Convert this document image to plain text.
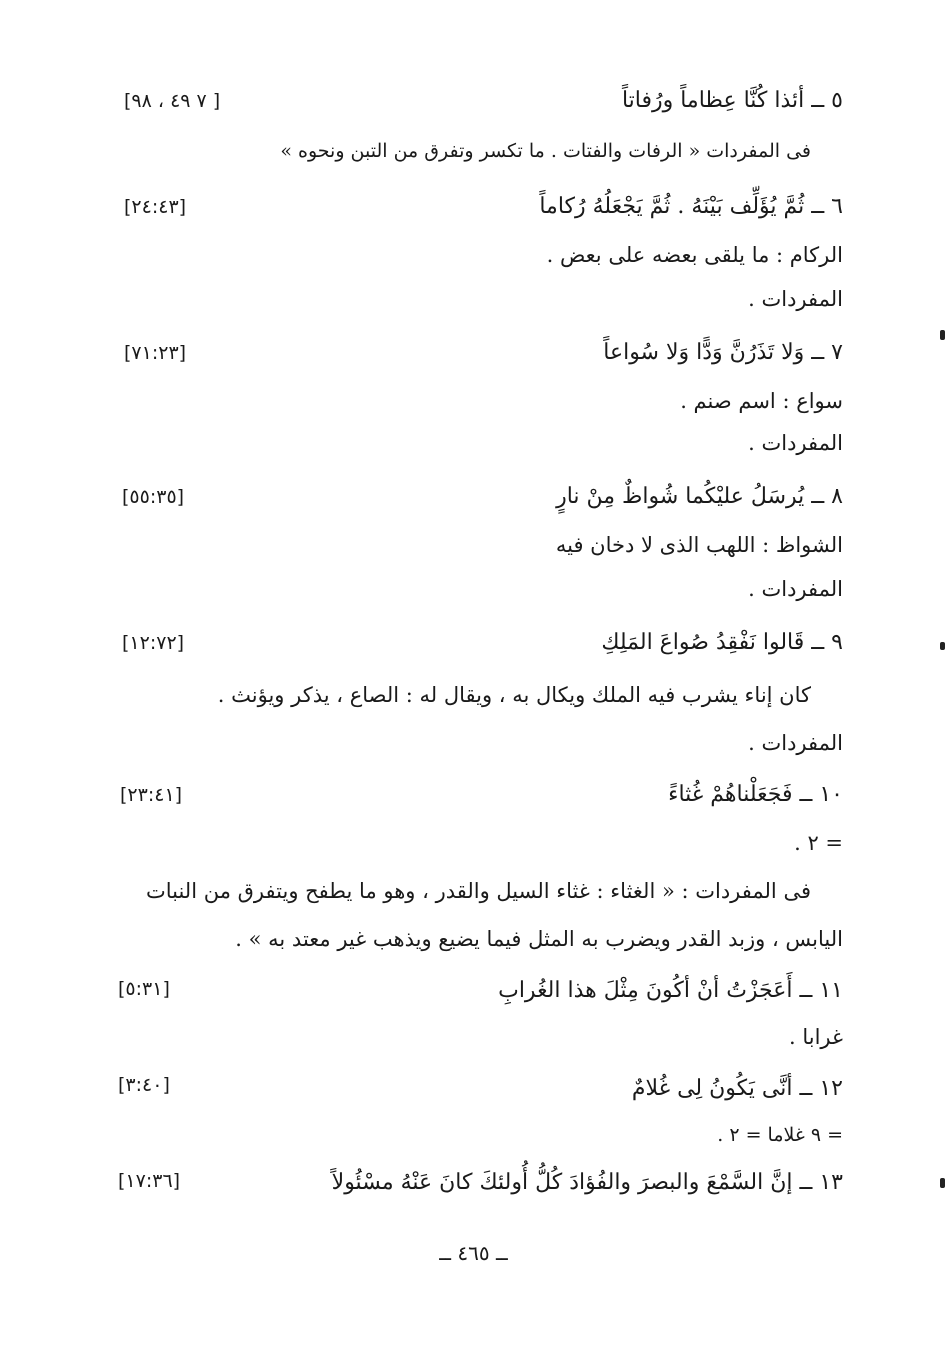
٥ ــ أئذا كُنَّا عِظاماً ورُفاتاً
[٧ ٤٩ ، ٩٨ ]
فى المفردات « الرفات والفتات . ما تكسر وتفرق من التبن ونحوه »
٦ ــ ثُمَّ يُؤَلِّف بَيْنَهُ . ثُمَّ يَجْعَلُهُ رُكاماً
[٢٤:٤٣]
الركام : ما يلقى بعضه على بعض .
المفردات .
٧ ــ وَلا تَذَرُنَّ وَدًّا وَلا سُواعاً
[٧١:٢٣]
سواع : اسم صنم .
المفردات .
٨ ــ يُرسَلُ عليْكُما شُواظٌ مِنْ نارٍ
[٥٥:٣٥]
الشواظ : اللهب الذى لا دخان فيه
المفردات .
٩ ــ قَالوا نَفْقِدُ صُواعَ المَلِكِ
[١٢:٧٢]
كان إناء يشرب فيه الملك ويكال به ، ويقال له : الصاع ، يذكر ويؤنث .
المفردات .
١٠ ــ فَجَعَلْناهُمْ غُثاءً
[٢٣:٤١]
= ٢ .
فى المفردات : « الغثاء : غثاء السيل والقدر ، وهو ما يطفح ويتفرق من النبات
اليابس ، وزبد القدر ويضرب به المثل فيما يضيع ويذهب غير معتد به » .
١١ ــ أَعَجَزْتُ أنْ أكُونَ مِثْلَ هذا الغُرابِ
[٥:٣١]
غرابا .
١٢ ــ أنَّى يَكُونُ لِى غُلامٌ
[٣:٤٠]
= ٩ غلاما = ٢ .
١٣ ــ إنَّ السَّمْعَ والبصرَ والفُؤادَ كُلُّ أُولئكَ كانَ عَنْهُ مسْئُولاً
[١٧:٣٦]
ــ ٤٦٥ ــ
